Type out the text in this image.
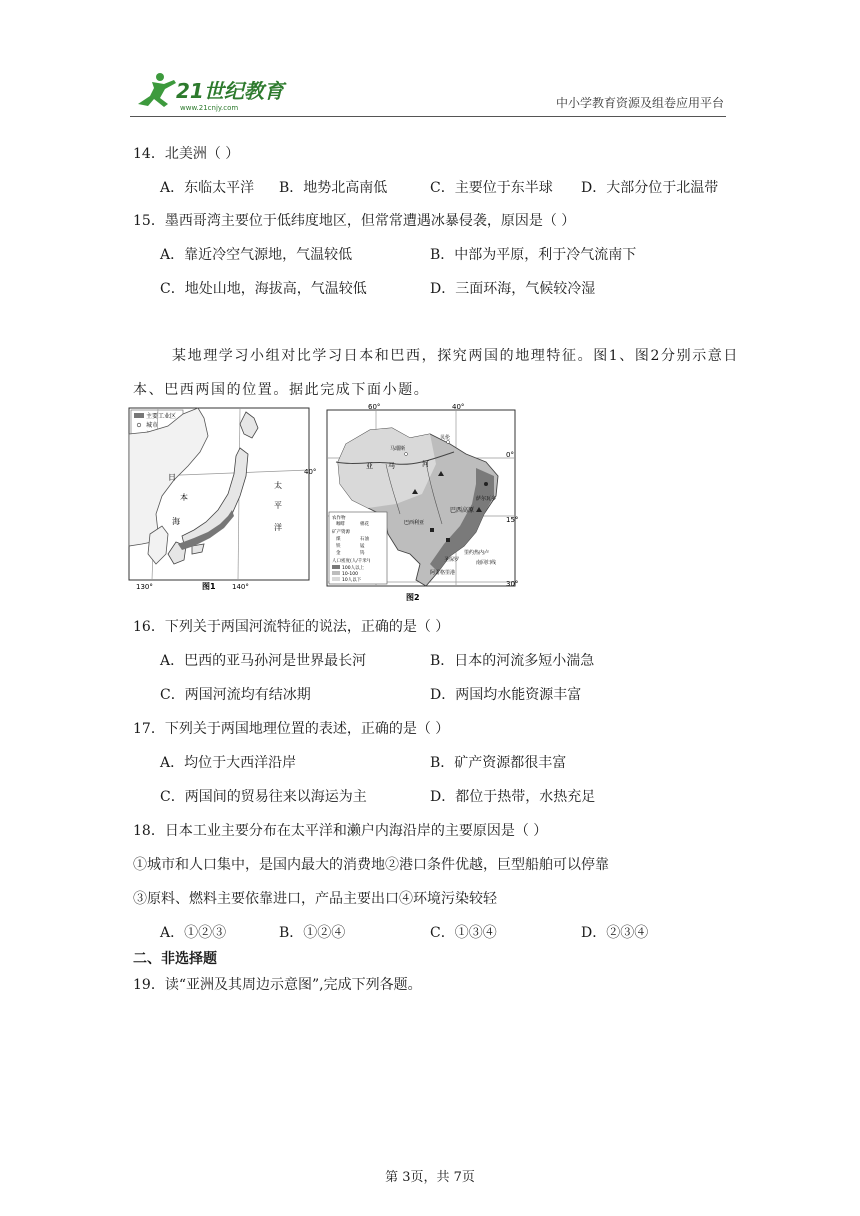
21世纪教育
www.21cnjy.com	中小学教育资源及组卷应用平台
14．北美洲（ ）
A．东临太平洋 B．地势北高南低	C．主要位于东半球 D．大部分位于北温带
15．墨西哥湾主要位于低纬度地区，但常常遭遇冰暴侵袭，原因是（ ）
A．靠近冷空气源地，气温较低	B．中部为平原，利于冷气流南下
C．地处山地，海拔高，气温较低	D．三面环海，气候较冷湿
某地理学习小组对比学习日本和巴西，探究两国的地理特征。图1、图2分别示意日
本、巴西两国的位置。据此完成下面小题。
主要工业区
城市
40°
130°	140°
日
本
海
太
平
洋
图1
60°	40°
0°
15°
30°
亚 马	河
马瑙斯
贝伦
萨尔瓦多
巴西高原
巴西利亚
里约热内卢
圣保罗	南回归线
阿雷格里港
农作物
咖啡	棉花
矿产资源
煤	石油
铁	锰
金	钨
人口密度(人/千米²)
100人以上
10-100
10人以下
图2
16．下列关于两国河流特征的说法，正确的是（ ）
A．巴西的亚马孙河是世界最长河	B．日本的河流多短小湍急
C．两国河流均有结冰期	D．两国均水能资源丰富
17．下列关于两国地理位置的表述，正确的是（ ）
A．均位于大西洋沿岸	B．矿产资源都很丰富
C．两国间的贸易往来以海运为主	D．都位于热带，水热充足
18．日本工业主要分布在太平洋和濑户内海沿岸的主要原因是（ ）
①城市和人口集中，是国内最大的消费地②港口条件优越，巨型船舶可以停靠
③原料、燃料主要依靠进口，产品主要出口④环境污染较轻
A．①②③	B．①②④	C．①③④	D．②③④
二、非选择题
19．读“亚洲及其周边示意图”,完成下列各题。
第 3页，共 7页
